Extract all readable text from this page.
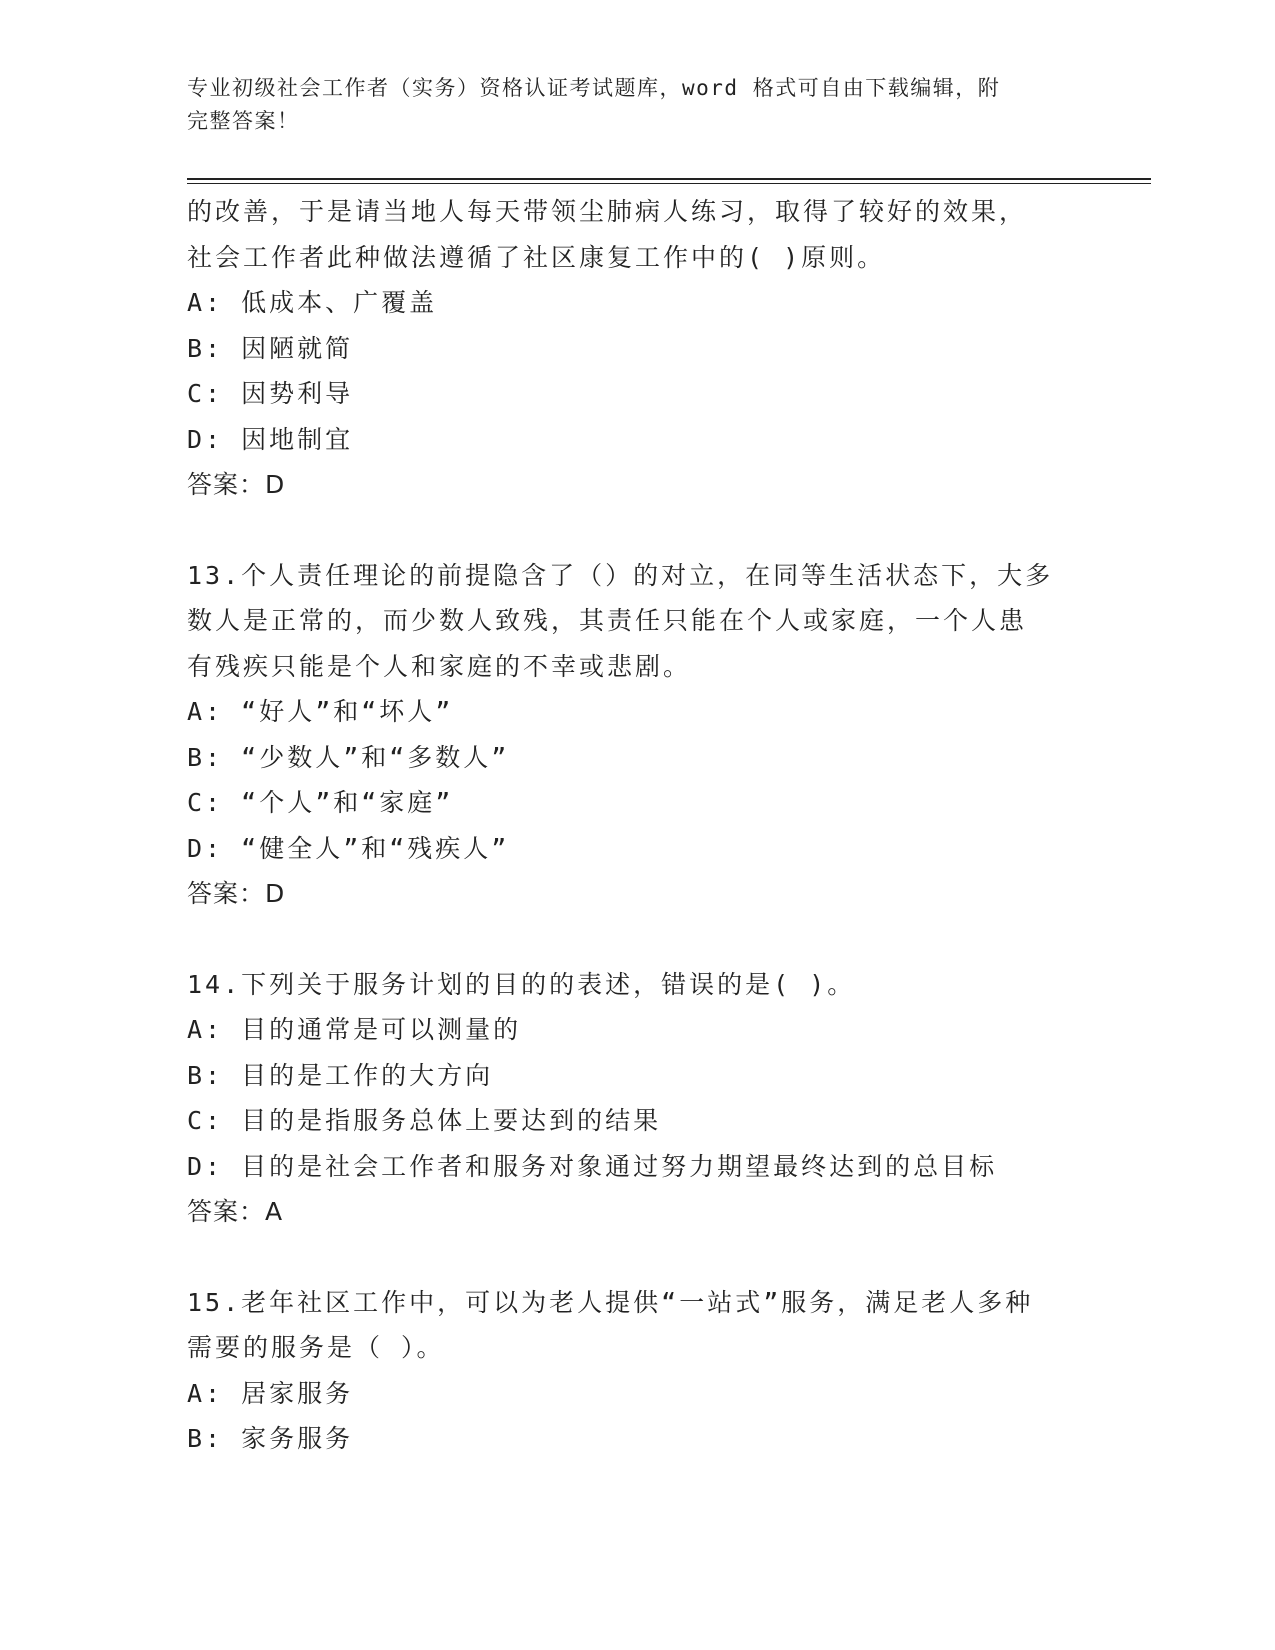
专业初级社会工作者（实务）资格认证考试题库，word 格式可自由下载编辑，附
完整答案！
的改善，于是请当地人每天带领尘肺病人练习，取得了较好的效果，
社会工作者此种做法遵循了社区康复工作中的( )原则。
A: 低成本、广覆盖
B: 因陋就简
C: 因势利导
D: 因地制宜
答案：D
13.个人责任理论的前提隐含了（）的对立，在同等生活状态下，大多
数人是正常的，而少数人致残，其责任只能在个人或家庭，一个人患
有残疾只能是个人和家庭的不幸或悲剧。
A: “好人”和“坏人”
B: “少数人”和“多数人”
C: “个人”和“家庭”
D: “健全人”和“残疾人”
答案：D
14.下列关于服务计划的目的的表述，错误的是( )。
A: 目的通常是可以测量的
B: 目的是工作的大方向
C: 目的是指服务总体上要达到的结果
D: 目的是社会工作者和服务对象通过努力期望最终达到的总目标
答案：A
15.老年社区工作中，可以为老人提供“一站式”服务，满足老人多种
需要的服务是（ ）。
A: 居家服务
B: 家务服务
